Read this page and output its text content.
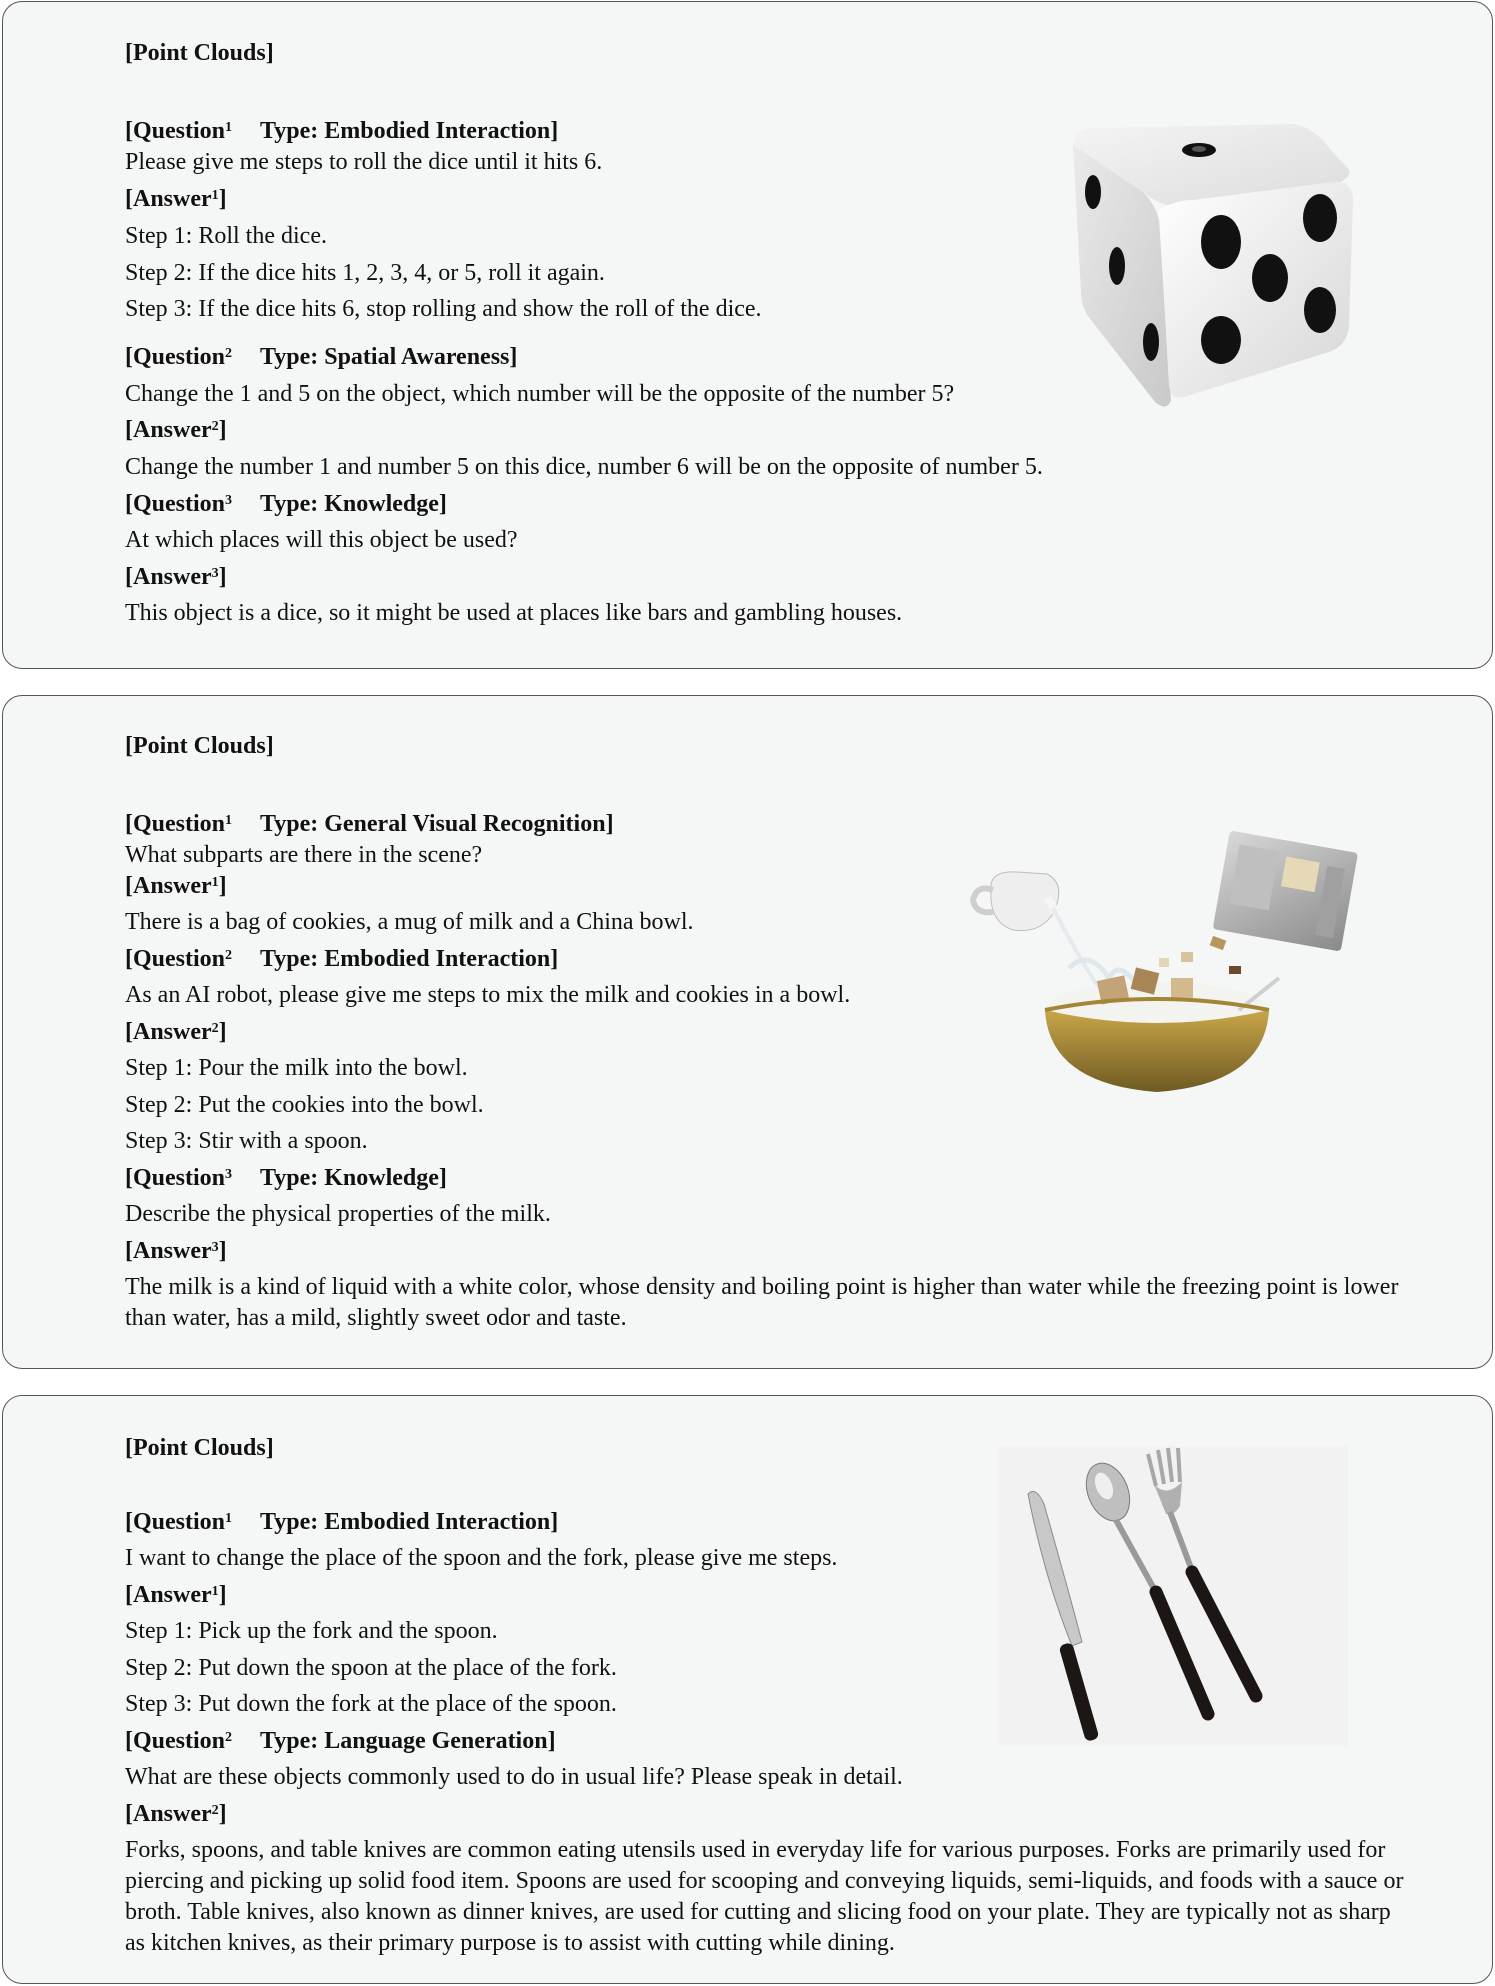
[Point Clouds]
[Question$^1$ Type: Embodied Interaction]
Please give me steps to roll the dice until it hits 6.
[Answer$^1$]
Step 1: Roll the dice.
Step 2: If the dice hits 1, 2, 3, 4, or 5, roll it again.
Step 3: If the dice hits 6, stop rolling and show the roll of the dice.
[Question$^2$ Type: Spatial Awareness]
Change the 1 and 5 on the object, which number will be the opposite of the number 5?
[Answer$^2$]
Change the number 1 and number 5 on this dice, number 6 will be on the opposite of number 5.
[Question$^3$ Type: Knowledge]
At which places will this object be used?
[Answer$^3$]
This object is a dice, so it might be used at places like bars and gambling houses.
[Point Clouds]
[Question$^1$ Type: General Visual Recognition]
What subparts are there in the scene?
[Answer$^1$]
There is a bag of cookies, a mug of milk and a China bowl.
[Question$^2$ Type: Embodied Interaction]
As an AI robot, please give me steps to mix the milk and cookies in a bowl.
[Answer$^2$]
Step 1: Pour the milk into the bowl.
Step 2: Put the cookies into the bowl.
Step 3: Stir with a spoon.
[Question$^3$ Type: Knowledge]
Describe the physical properties of the milk.
[Answer$^3$]
The milk is a kind of liquid with a white color, whose density and boiling point is higher than water while the freezing point is lower than water, has a mild, slightly sweet odor and taste.
[Point Clouds]
[Question$^1$ Type: Embodied Interaction]
I want to change the place of the spoon and the fork, please give me steps.
[Answer$^1$]
Step 1: Pick up the fork and the spoon.
Step 2: Put down the spoon at the place of the fork.
Step 3: Put down the fork at the place of the spoon.
[Question$^2$ Type: Language Generation]
What are these objects commonly used to do in usual life? Please speak in detail.
[Answer$^2$]
Forks, spoons, and table knives are common eating utensils used in everyday life for various purposes. Forks are primarily used for piercing and picking up solid food item. Spoons are used for scooping and conveying liquids, semi-liquids, and foods with a sauce or broth. Table knives, also known as dinner knives, are used for cutting and slicing food on your plate. They are typically not as sharp as kitchen knives, as their primary purpose is to assist with cutting while dining.
